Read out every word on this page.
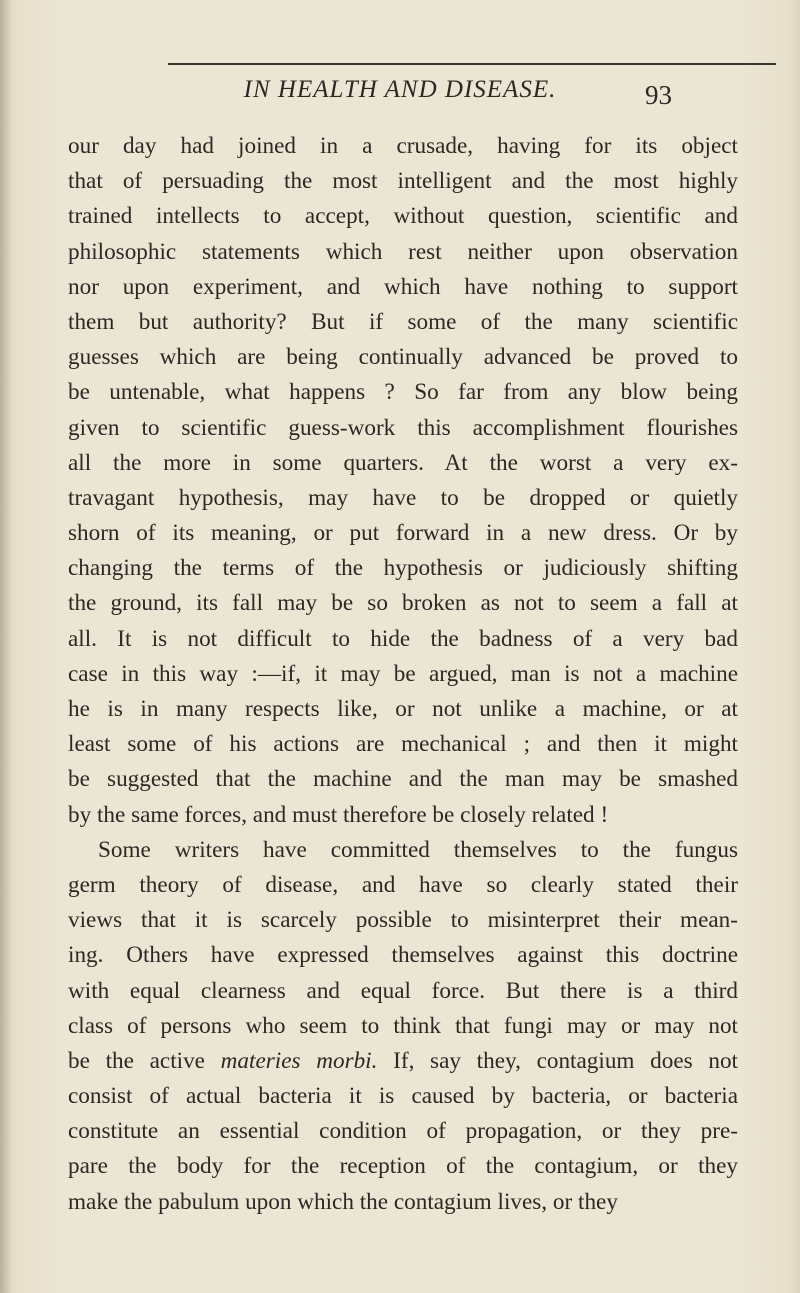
IN HEALTH AND DISEASE.	93
our day had joined in a crusade, having for its object
that of persuading the most intelligent and the most highly
trained intellects to accept, without question, scientific and
philosophic statements which rest neither upon observation
nor upon experiment, and which have nothing to support
them but authority? But if some of the many scientific
guesses which are being continually advanced be proved to
be untenable, what happens ? So far from any blow being
given to scientific guess-work this accomplishment flourishes
all the more in some quarters. At the worst a very ex-
travagant hypothesis, may have to be dropped or quietly
shorn of its meaning, or put forward in a new dress. Or by
changing the terms of the hypothesis or judiciously shifting
the ground, its fall may be so broken as not to seem a fall at
all. It is not difficult to hide the badness of a very bad
case in this way :—if, it may be argued, man is not a machine
he is in many respects like, or not unlike a machine, or at
least some of his actions are mechanical ; and then it might
be suggested that the machine and the man may be smashed
by the same forces, and must therefore be closely related !
Some writers have committed themselves to the fungus
germ theory of disease, and have so clearly stated their
views that it is scarcely possible to misinterpret their mean-
ing. Others have expressed themselves against this doctrine
with equal clearness and equal force. But there is a third
class of persons who seem to think that fungi may or may not
be the active materies morbi. If, say they, contagium does not
consist of actual bacteria it is caused by bacteria, or bacteria
constitute an essential condition of propagation, or they pre-
pare the body for the reception of the contagium, or they
make the pabulum upon which the contagium lives, or they
